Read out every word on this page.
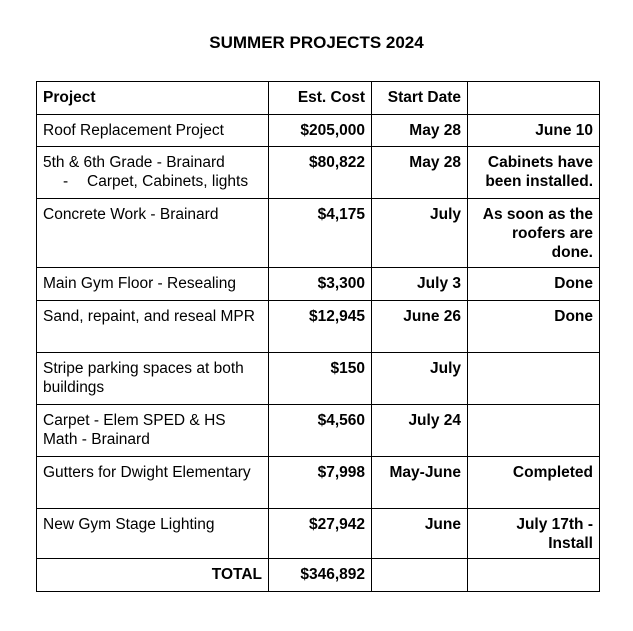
SUMMER PROJECTS 2024
Project	Est. Cost	Start Date	
Roof Replacement Project	$205,000	May 28	June 10
5th & 6th Grade - Brainard
- Carpet, Cabinets, lights	$80,822	May 28	Cabinets have been installed.
Concrete Work - Brainard	$4,175	July	As soon as the roofers are done.
Main Gym Floor - Resealing	$3,300	July 3	Done
Sand, repaint, and reseal MPR	$12,945	June 26	Done
Stripe parking spaces at both buildings	$150	July	
Carpet - Elem SPED & HS Math - Brainard	$4,560	July 24	
Gutters for Dwight Elementary	$7,998	May-June	Completed
New Gym Stage Lighting	$27,942	June	July 17th - Install
TOTAL	$346,892		
